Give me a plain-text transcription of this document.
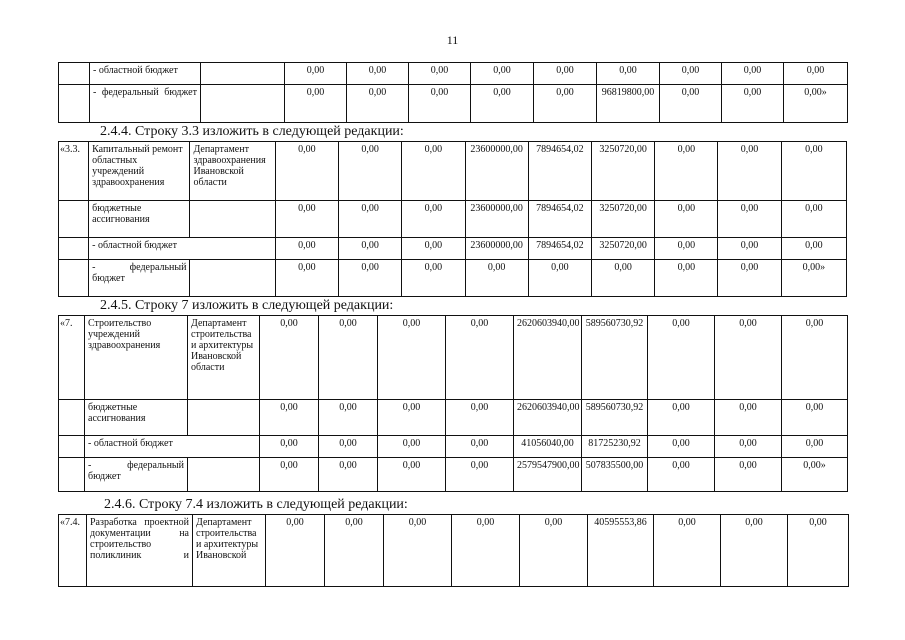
11
	- областной бюджет		0,00	0,00	0,00	0,00	0,00	0,00	0,00	0,00	0,00
	- федеральный бюджет		0,00	0,00	0,00	0,00	0,00	96819800,00	0,00	0,00	0,00»
2.4.4. Строку 3.3 изложить в следующей редакции:
«3.3.	Капитальный ремонт областных учреждений здравоохранения	Департамент здравоохранения Ивановской области	0,00	0,00	0,00	23600000,00	7894654,02	3250720,00	0,00	0,00	0,00
	бюджетные ассигнования		0,00	0,00	0,00	23600000,00	7894654,02	3250720,00	0,00	0,00	0,00
	- областной бюджет		0,00	0,00	0,00	23600000,00	7894654,02	3250720,00	0,00	0,00	0,00
	- федеральный бюджет		0,00	0,00	0,00	0,00	0,00	0,00	0,00	0,00	0,00»
2.4.5. Строку 7 изложить в следующей редакции:
«7.	Строительство учреждений здравоохранения	Департамент строительства и архитектуры Ивановской области	0,00	0,00	0,00	0,00	2620603940,00	589560730,92	0,00	0,00	0,00
	бюджетные ассигнования		0,00	0,00	0,00	0,00	2620603940,00	589560730,92	0,00	0,00	0,00
	- областной бюджет		0,00	0,00	0,00	0,00	41056040,00	81725230,92	0,00	0,00	0,00
	- федеральный бюджет		0,00	0,00	0,00	0,00	2579547900,00	507835500,00	0,00	0,00	0,00»
2.4.6. Строку 7.4 изложить в следующей редакции:
«7.4.	Разработка проектной документации на строительство поликлиник и	Департамент строительства и архитектуры Ивановской	0,00	0,00	0,00	0,00	0,00	40595553,86	0,00	0,00	0,00
